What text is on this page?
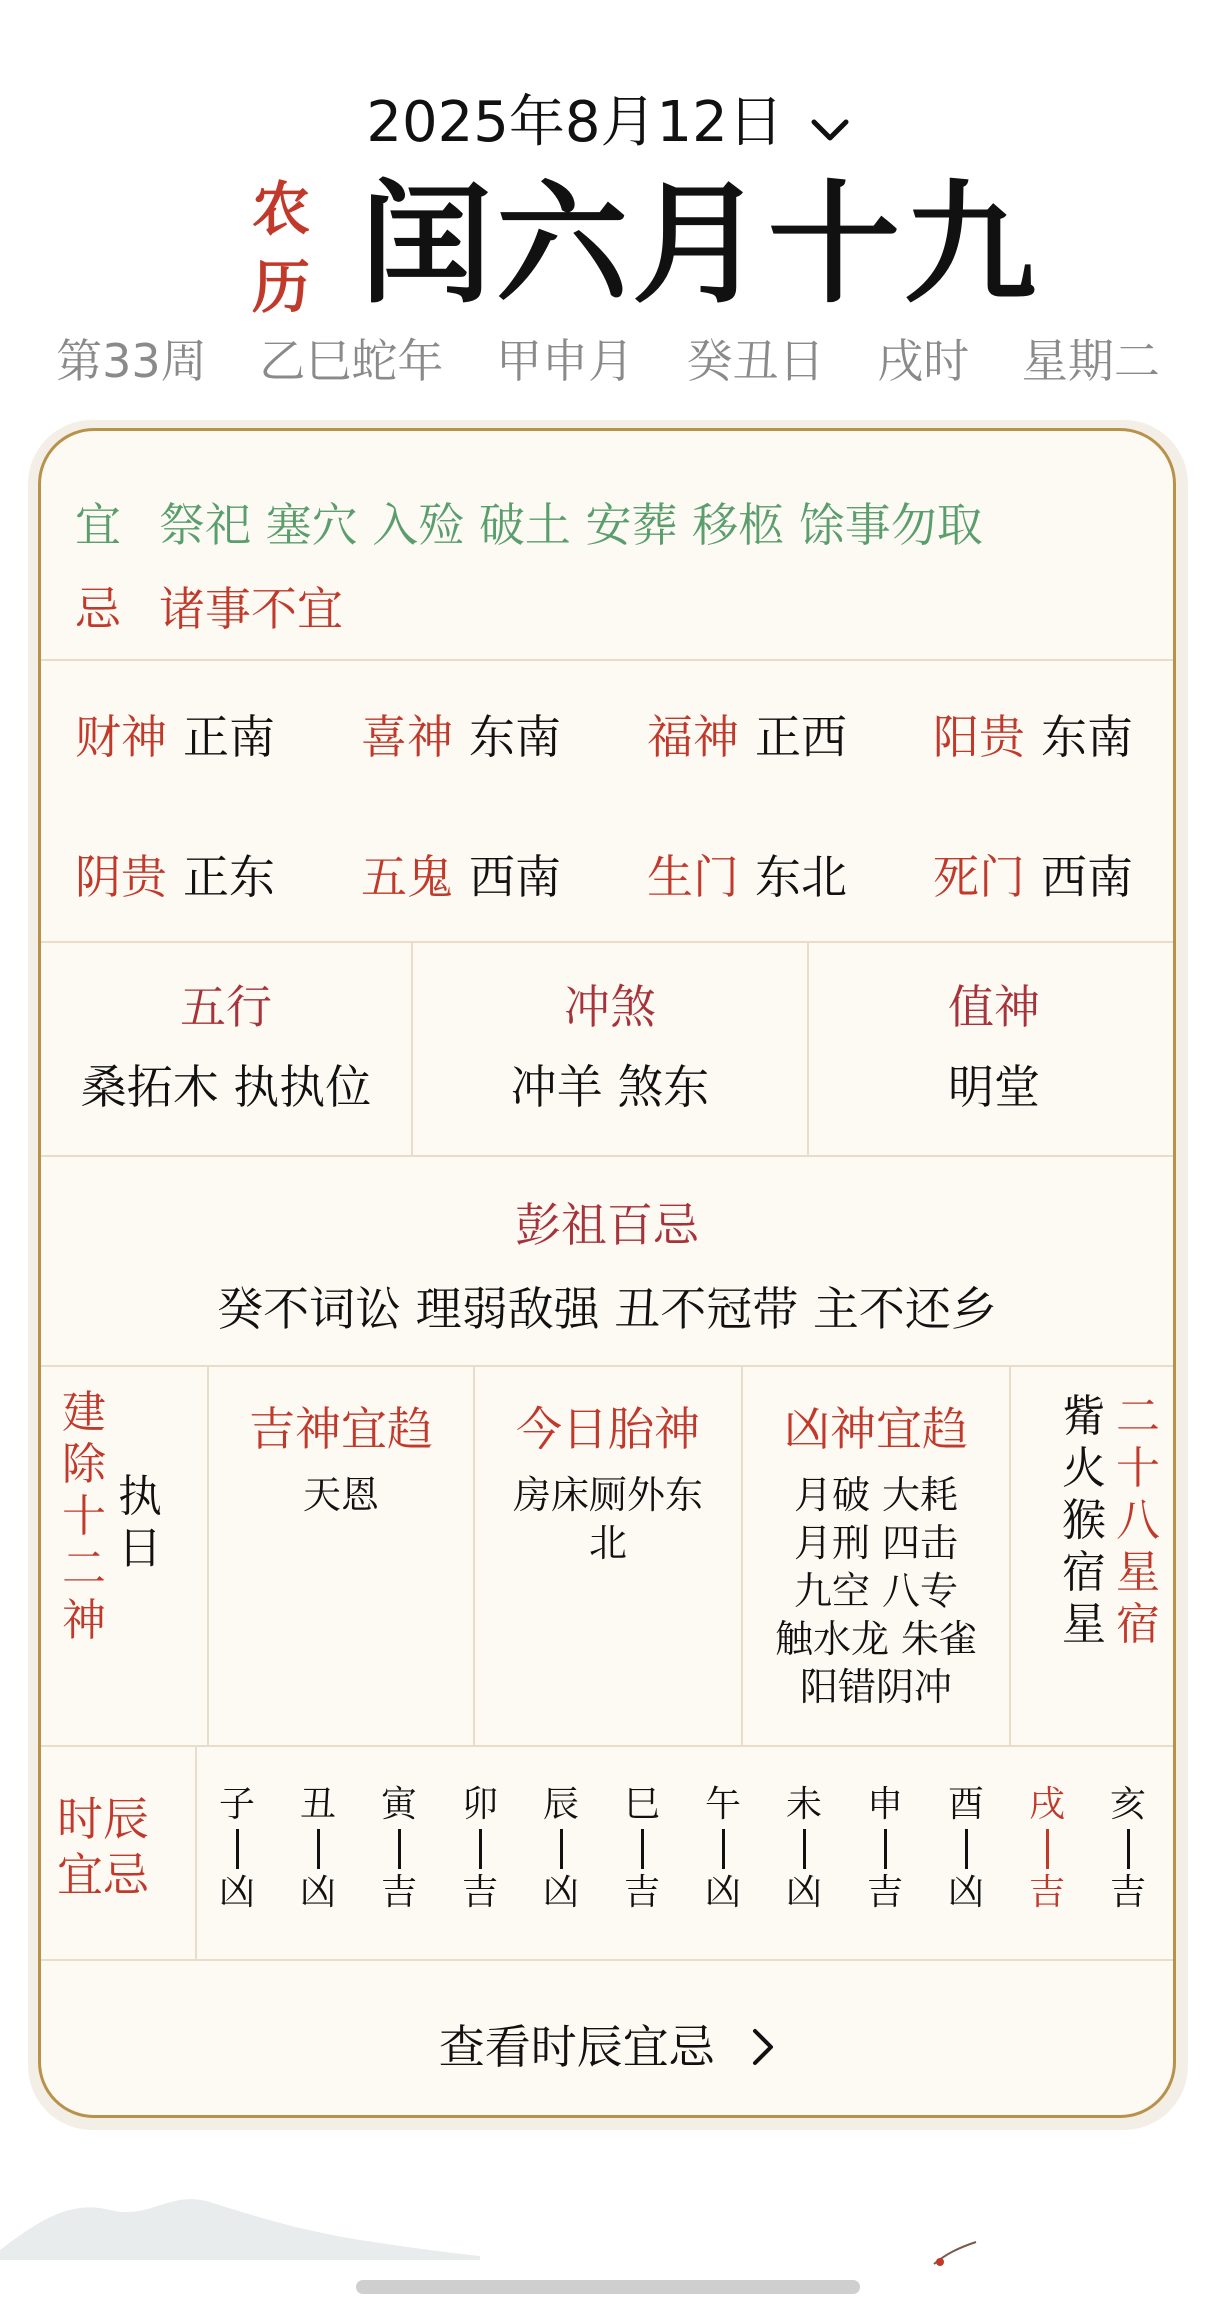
2025年8月12日
农
历 闰六月十九
第33周 乙巳蛇年 甲申月 癸丑日 戌时 星期二
宜 祭祀 塞穴 入殓 破土 安葬 移柩 馀事勿取
忌 诸事不宜
财神 正南 喜神 东南 福神 正西 阳贵 东南
阴贵 正东 五鬼 西南 生门 东北 死门 西南
五行
桑拓木 执执位
冲煞
冲羊 煞东
值神
明堂
彭祖百忌
癸不词讼 理弱敌强 丑不冠带 主不还乡
建
除
十
二
神
执
日
吉神宜趋
天恩
今日胎神
房床厕外东
北
凶神宜趋
月破 大耗
月刑 四击
九空 八专
触水龙 朱雀
阳错阴冲
觜
火
猴
宿
星
二
十
八
星
宿
时辰
宜忌
子
凶
丑
凶
寅
吉
卯
吉
辰
凶
巳
吉
午
凶
未
凶
申
吉
酉
凶
戌
吉
亥
吉
查看时辰宜忌
